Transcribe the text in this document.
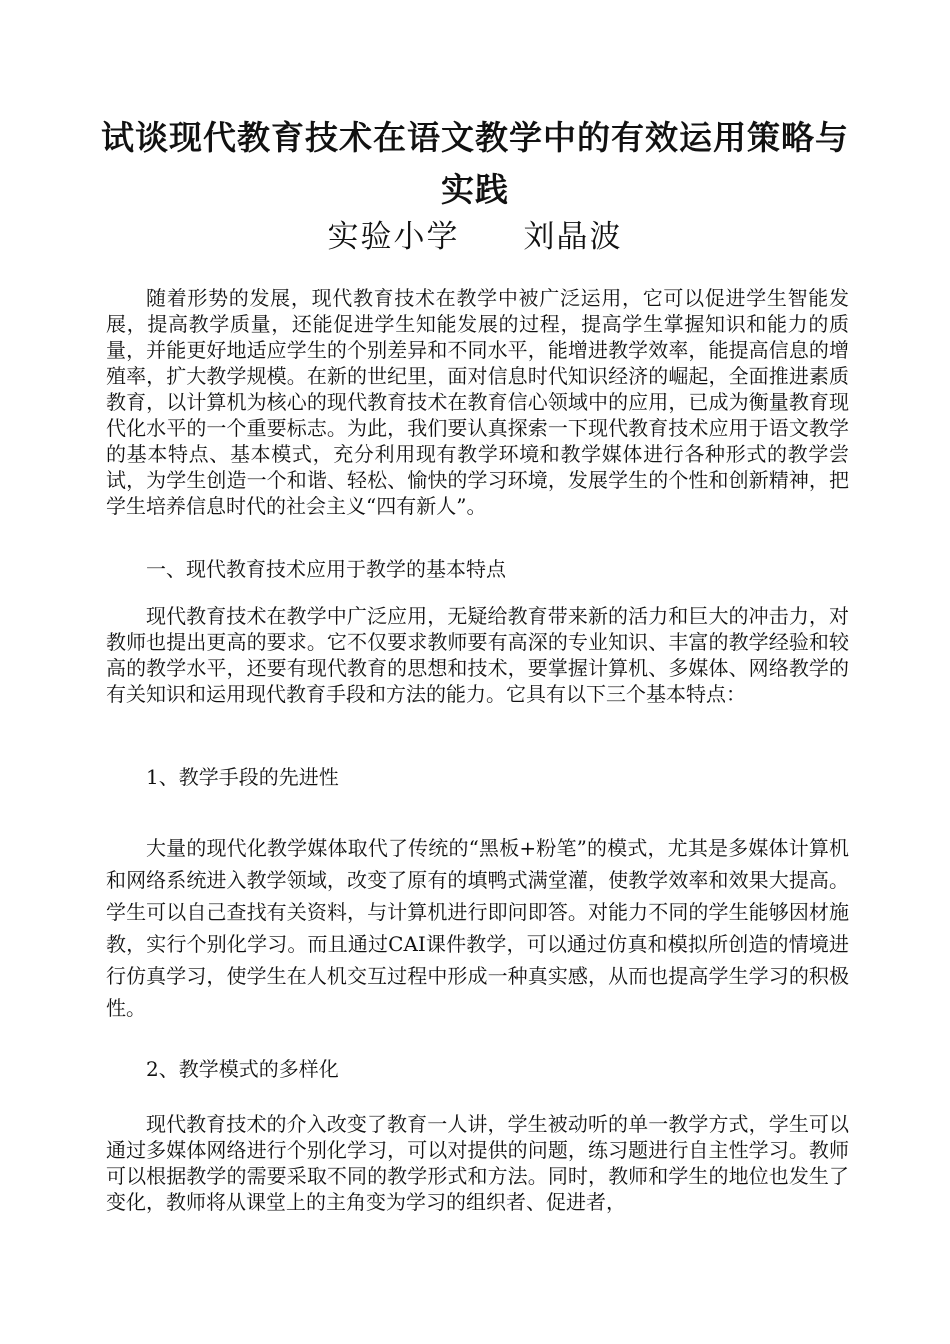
试谈现代教育技术在语文教学中的有效运用策略与实践

实验小学 刘晶波

随着形势的发展，现代教育技术在教学中被广泛运用，它可以促进学生智能发展，提高教学质量，还能促进学生知能发展的过程，提高学生掌握知识和能力的质量，并能更好地适应学生的个别差异和不同水平，能增进教学效率，能提高信息的增殖率，扩大教学规模。在新的世纪里，面对信息时代知识经济的崛起，全面推进素质教育，以计算机为核心的现代教育技术在教育信心领域中的应用，已成为衡量教育现代化水平的一个重要标志。为此，我们要认真探索一下现代教育技术应用于语文教学的基本特点、基本模式，充分利用现有教学环境和教学媒体进行各种形式的教学尝试，为学生创造一个和谐、轻松、愉快的学习环境，发展学生的个性和创新精神，把学生培养信息时代的社会主义“四有新人”。

一、现代教育技术应用于教学的基本特点

现代教育技术在教学中广泛应用，无疑给教育带来新的活力和巨大的冲击力，对教师也提出更高的要求。它不仅要求教师要有高深的专业知识、丰富的教学经验和较高的教学水平，还要有现代教育的思想和技术，要掌握计算机、多媒体、网络教学的有关知识和运用现代教育手段和方法的能力。它具有以下三个基本特点：

1、教学手段的先进性

大量的现代化教学媒体取代了传统的“黑板+粉笔”的模式，尤其是多媒体计算机和网络系统进入教学领域，改变了原有的填鸭式满堂灌，使教学效率和效果大提高。学生可以自己查找有关资料，与计算机进行即问即答。对能力不同的学生能够因材施教，实行个别化学习。而且通过CAI课件教学，可以通过仿真和模拟所创造的情境进行仿真学习，使学生在人机交互过程中形成一种真实感，从而也提高学生学习的积极性。

2、教学模式的多样化

现代教育技术的介入改变了教育一人讲，学生被动听的单一教学方式，学生可以通过多媒体网络进行个别化学习，可以对提供的问题，练习题进行自主性学习。教师可以根据教学的需要采取不同的教学形式和方法。同时，教师和学生的地位也发生了变化，教师将从课堂上的主角变为学习的组织者、促进者，
